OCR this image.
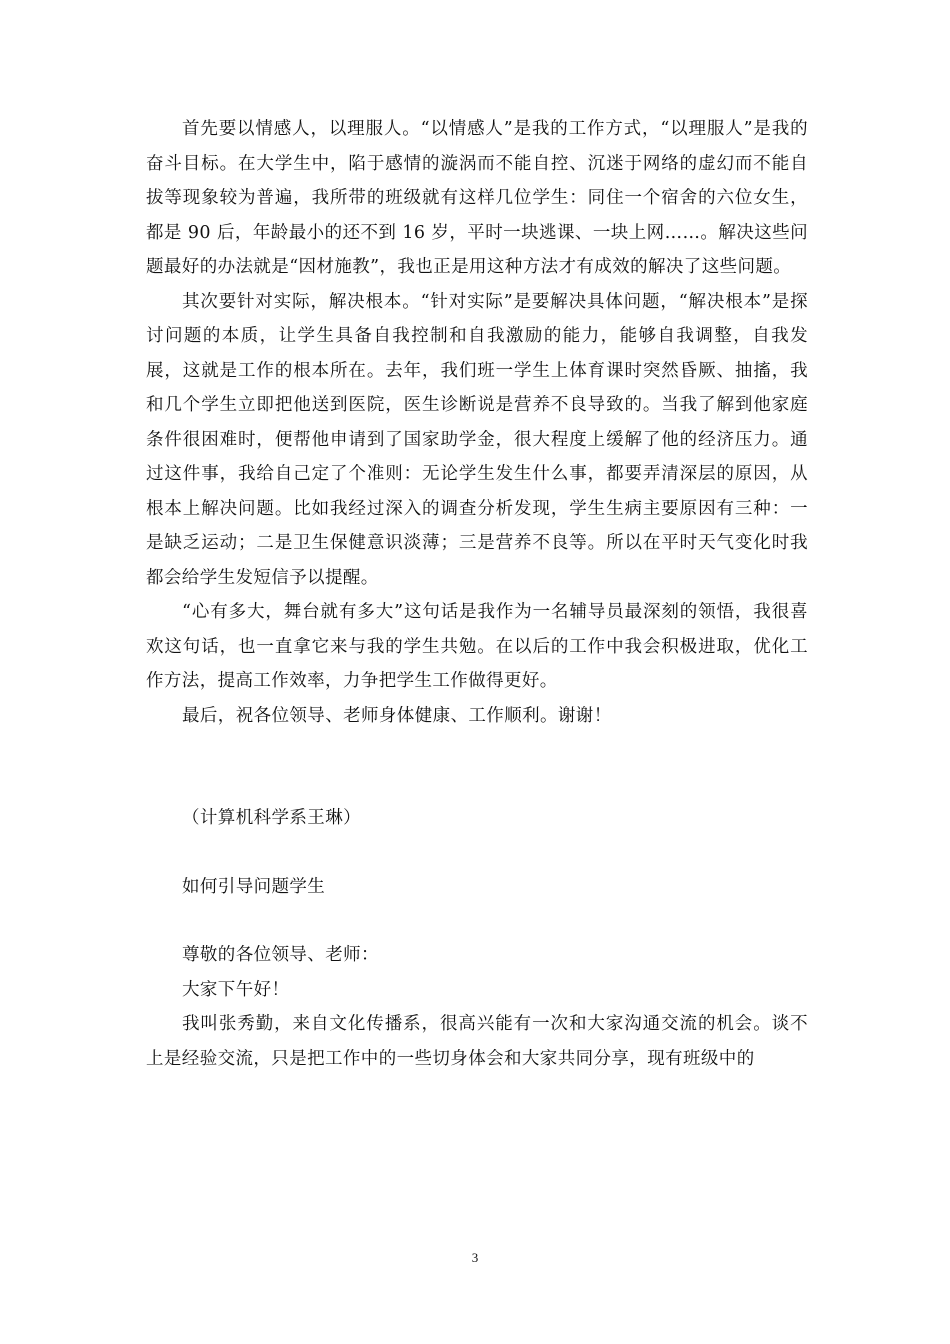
首先要以情感人，以理服人。“以情感人”是我的工作方式，“以理服人”是我的奋斗目标。在大学生中，陷于感情的漩涡而不能自控、沉迷于网络的虚幻而不能自拔等现象较为普遍，我所带的班级就有这样几位学生：同住一个宿舍的六位女生，都是 90 后，年龄最小的还不到 16 岁，平时一块逃课、一块上网……。解决这些问题最好的办法就是“因材施教”，我也正是用这种方法才有成效的解决了这些问题。

其次要针对实际，解决根本。“针对实际”是要解决具体问题，“解决根本”是探讨问题的本质，让学生具备自我控制和自我激励的能力，能够自我调整，自我发展，这就是工作的根本所在。去年，我们班一学生上体育课时突然昏厥、抽搐，我和几个学生立即把他送到医院，医生诊断说是营养不良导致的。当我了解到他家庭条件很困难时，便帮他申请到了国家助学金，很大程度上缓解了他的经济压力。通过这件事，我给自己定了个准则：无论学生发生什么事，都要弄清深层的原因，从根本上解决问题。比如我经过深入的调查分析发现，学生生病主要原因有三种：一是缺乏运动；二是卫生保健意识淡薄；三是营养不良等。所以在平时天气变化时我都会给学生发短信予以提醒。

“心有多大，舞台就有多大”这句话是我作为一名辅导员最深刻的领悟，我很喜欢这句话，也一直拿它来与我的学生共勉。在以后的工作中我会积极进取，优化工作方法，提高工作效率，力争把学生工作做得更好。

最后，祝各位领导、老师身体健康、工作顺利。谢谢！

（计算机科学系王琳）

如何引导问题学生

尊敬的各位领导、老师：

大家下午好！

我叫张秀勤，来自文化传播系，很高兴能有一次和大家沟通交流的机会。谈不上是经验交流，只是把工作中的一些切身体会和大家共同分享，现有班级中的

3
